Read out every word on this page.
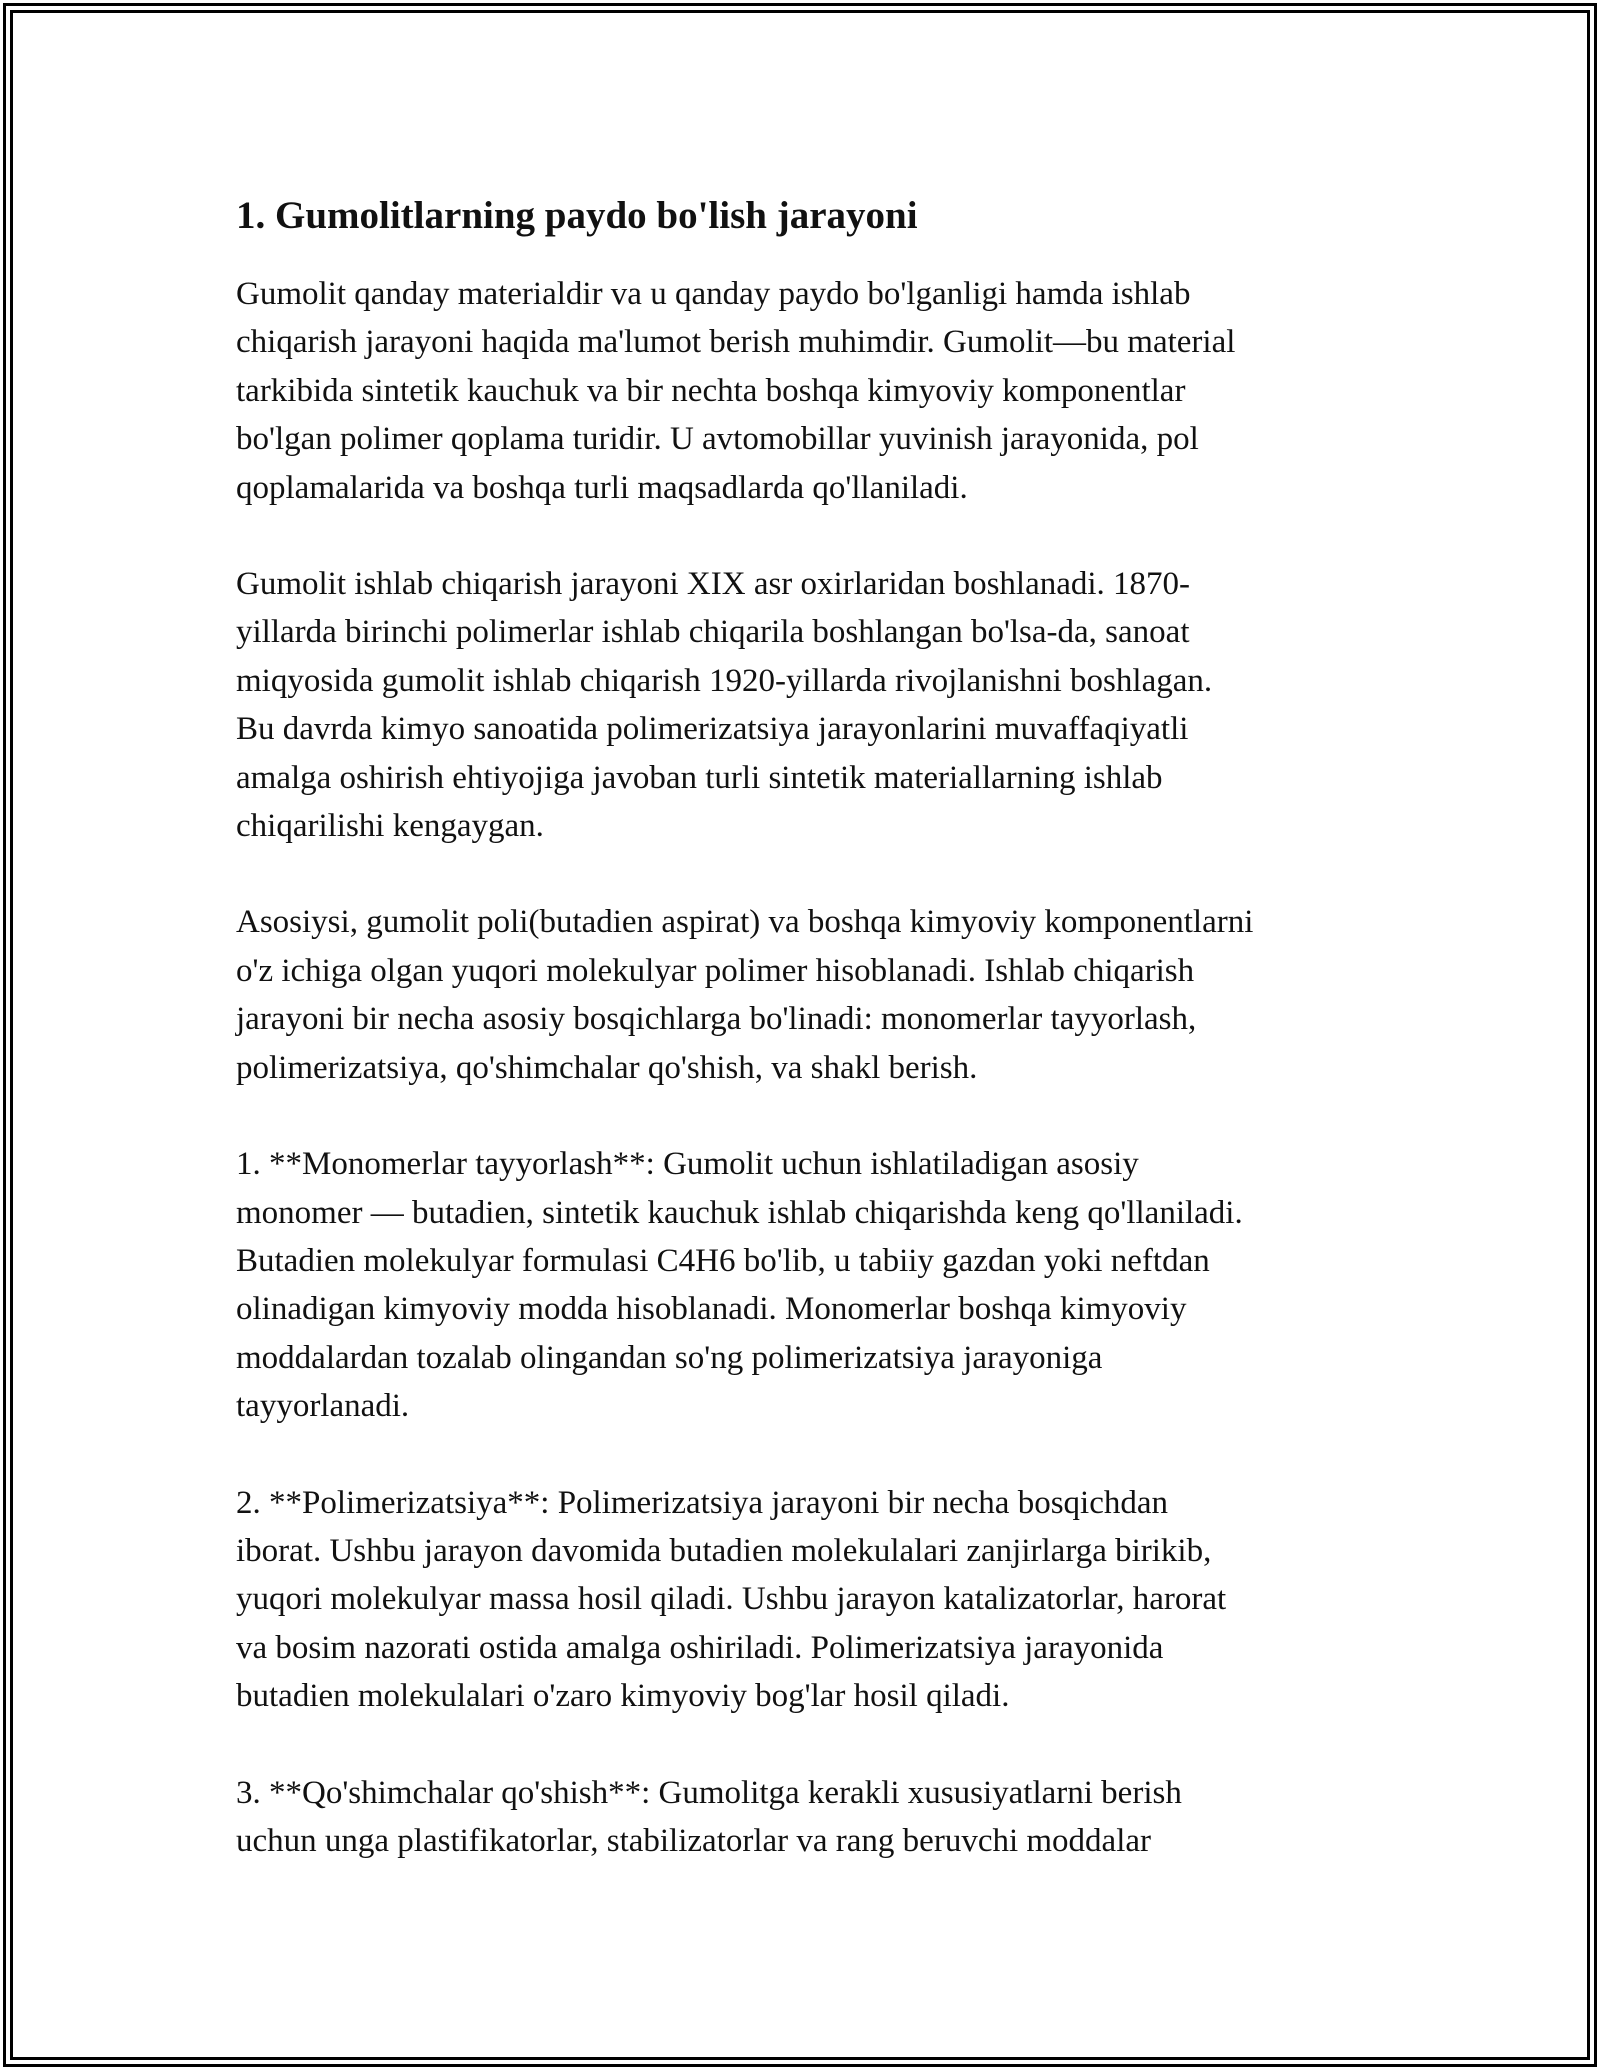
1. Gumolitlarning paydo bo'lish jarayoni

Gumolit qanday materialdir va u qanday paydo bo'lganligi hamda ishlab
chiqarish jarayoni haqida ma'lumot berish muhimdir. Gumolit—bu material
tarkibida sintetik kauchuk va bir nechta boshqa kimyoviy komponentlar
bo'lgan polimer qoplama turidir. U avtomobillar yuvinish jarayonida, pol
qoplamalarida va boshqa turli maqsadlarda qo'llaniladi.

Gumolit ishlab chiqarish jarayoni XIX asr oxirlaridan boshlanadi. 1870-
yillarda birinchi polimerlar ishlab chiqarila boshlangan bo'lsa-da, sanoat
miqyosida gumolit ishlab chiqarish 1920-yillarda rivojlanishni boshlagan.
Bu davrda kimyo sanoatida polimerizatsiya jarayonlarini muvaffaqiyatli
amalga oshirish ehtiyojiga javoban turli sintetik materiallarning ishlab
chiqarilishi kengaygan.

Asosiysi, gumolit poli(butadien aspirat) va boshqa kimyoviy komponentlarni
o'z ichiga olgan yuqori molekulyar polimer hisoblanadi. Ishlab chiqarish
jarayoni bir necha asosiy bosqichlarga bo'linadi: monomerlar tayyorlash,
polimerizatsiya, qo'shimchalar qo'shish, va shakl berish.

1. **Monomerlar tayyorlash**: Gumolit uchun ishlatiladigan asosiy
monomer — butadien, sintetik kauchuk ishlab chiqarishda keng qo'llaniladi.
Butadien molekulyar formulasi C4H6 bo'lib, u tabiiy gazdan yoki neftdan
olinadigan kimyoviy modda hisoblanadi. Monomerlar boshqa kimyoviy
moddalardan tozalab olingandan so'ng polimerizatsiya jarayoniga
tayyorlanadi.

2. **Polimerizatsiya**: Polimerizatsiya jarayoni bir necha bosqichdan
iborat. Ushbu jarayon davomida butadien molekulalari zanjirlarga birikib,
yuqori molekulyar massa hosil qiladi. Ushbu jarayon katalizatorlar, harorat
va bosim nazorati ostida amalga oshiriladi. Polimerizatsiya jarayonida
butadien molekulalari o'zaro kimyoviy bog'lar hosil qiladi.

3. **Qo'shimchalar qo'shish**: Gumolitga kerakli xususiyatlarni berish
uchun unga plastifikatorlar, stabilizatorlar va rang beruvchi moddalar
